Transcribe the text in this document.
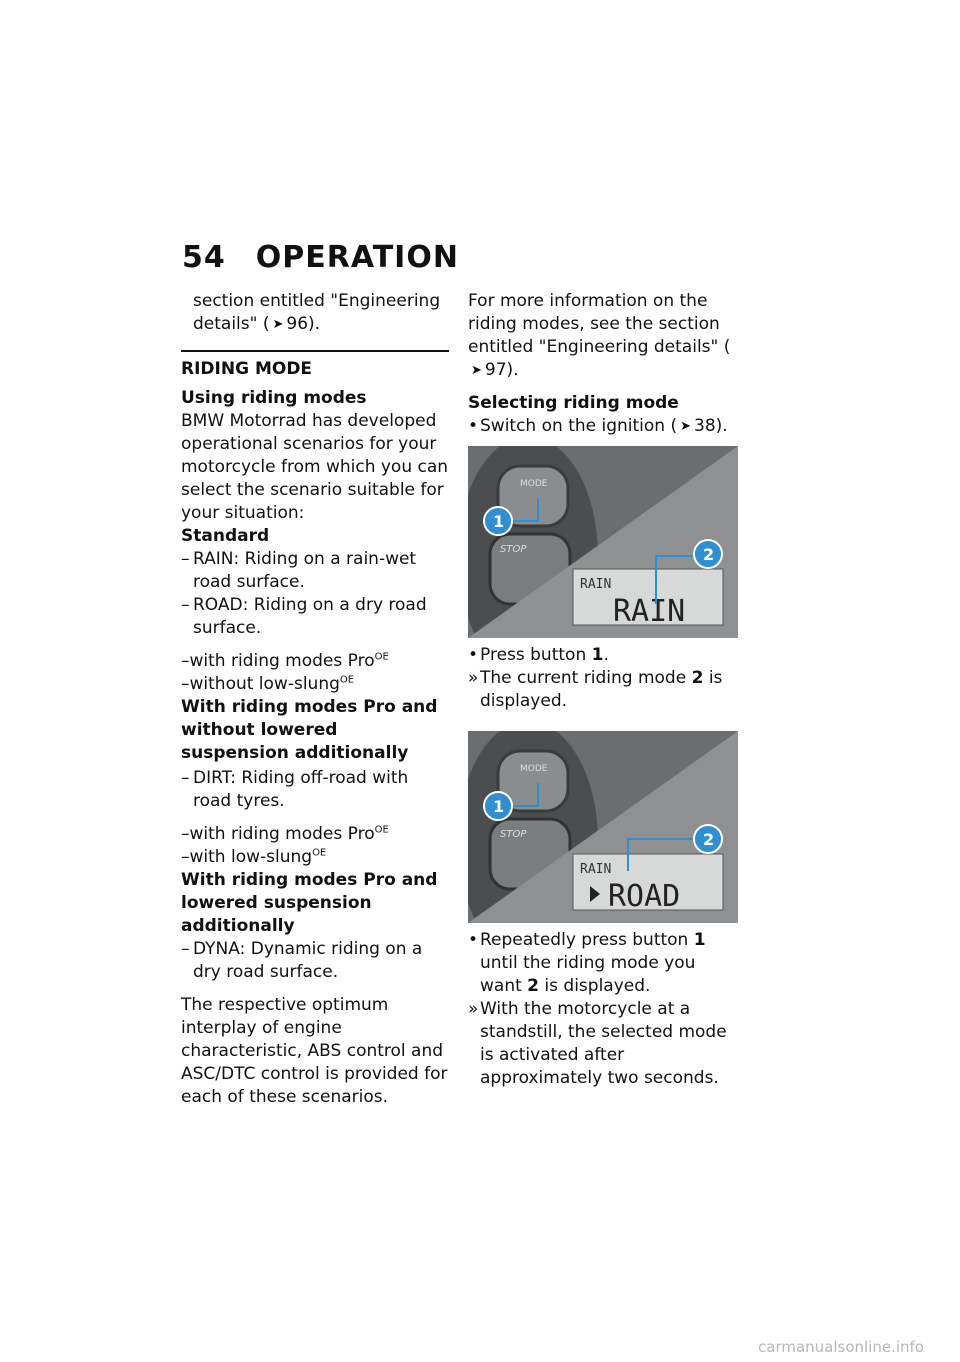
54 OPERATION

section entitled "Engineering details" ( ➤ 96).

RIDING MODE

Using riding modes

BMW Motorrad has developed operational scenarios for your motorcycle from which you can select the scenario suitable for your situation:

Standard

– RAIN: Riding on a rain-wet road surface.

– ROAD: Riding on a dry road surface.

–with riding modes Pro$^{OE}$

–without low-slung$^{OE}$

With riding modes Pro and without lowered suspension additionally

– DIRT: Riding off-road with road tyres.

–with riding modes Pro$^{OE}$

–with low-slung$^{OE}$

With riding modes Pro and lowered suspension additionally

– DYNA: Dynamic riding on a dry road surface.

The respective optimum interplay of engine characteristic, ABS control and ASC/DTC control is provided for each of these scenarios.

For more information on the riding modes, see the section entitled "Engineering details" (➤ 97).

Selecting riding mode

• Switch on the ignition ( ➤ 38).

MODE
STOP
RAIN
RAIN
1
2

• Press button 1.

» The current riding mode 2 is displayed.

MODE
STOP
RAIN
ROAD
1
2

• Repeatedly press button 1 until the riding mode you want 2 is displayed.

» With the motorcycle at a standstill, the selected mode is activated after approximately two seconds.

carmanualsonline.info
